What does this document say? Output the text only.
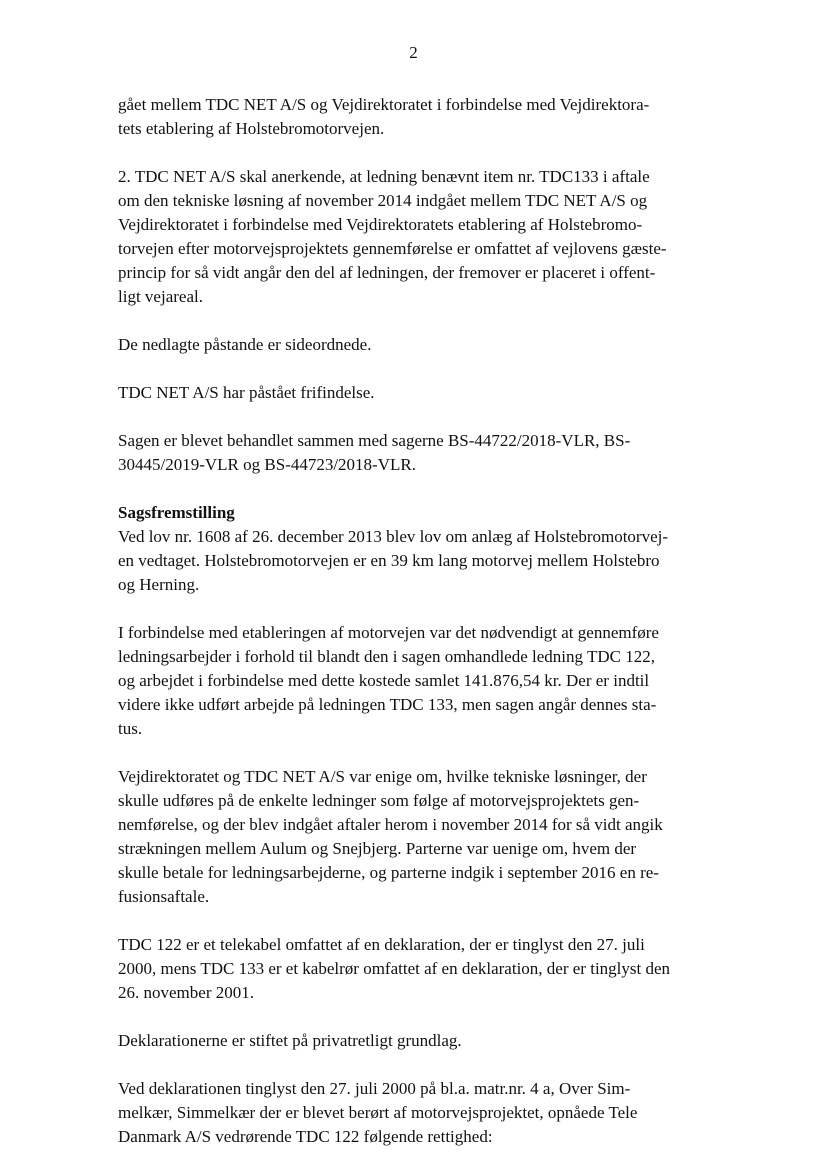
2

gået mellem TDC NET A/S og Vejdirektoratet i forbindelse med Vejdirektora-
tets etablering af Holstebromotorvejen.

2. TDC NET A/S skal anerkende, at ledning benævnt item nr. TDC133 i aftale
om den tekniske løsning af november 2014 indgået mellem TDC NET A/S og
Vejdirektoratet i forbindelse med Vejdirektoratets etablering af Holstebromo-
torvejen efter motorvejsprojektets gennemførelse er omfattet af vejlovens gæste-
princip for så vidt angår den del af ledningen, der fremover er placeret i offent-
ligt vejareal.

De nedlagte påstande er sideordnede.

TDC NET A/S har påstået frifindelse.

Sagen er blevet behandlet sammen med sagerne BS-44722/2018-VLR, BS-
30445/2019-VLR og BS-44723/2018-VLR.

Sagsfremstilling
Ved lov nr. 1608 af 26. december 2013 blev lov om anlæg af Holstebromotorvej-
en vedtaget. Holstebromotorvejen er en 39 km lang motorvej mellem Holstebro
og Herning.

I forbindelse med etableringen af motorvejen var det nødvendigt at gennemføre
ledningsarbejder i forhold til blandt den i sagen omhandlede ledning TDC 122,
og arbejdet i forbindelse med dette kostede samlet 141.876,54 kr. Der er indtil
videre ikke udført arbejde på ledningen TDC 133, men sagen angår dennes sta-
tus.

Vejdirektoratet og TDC NET A/S var enige om, hvilke tekniske løsninger, der
skulle udføres på de enkelte ledninger som følge af motorvejsprojektets gen-
nemførelse, og der blev indgået aftaler herom i november 2014 for så vidt angik
strækningen mellem Aulum og Snejbjerg. Parterne var uenige om, hvem der
skulle betale for ledningsarbejderne, og parterne indgik i september 2016 en re-
fusionsaftale.

TDC 122 er et telekabel omfattet af en deklaration, der er tinglyst den 27. juli
2000, mens TDC 133 er et kabelrør omfattet af en deklaration, der er tinglyst den
26. november 2001.

Deklarationerne er stiftet på privatretligt grundlag.

Ved deklarationen tinglyst den 27. juli 2000 på bl.a. matr.nr. 4 a, Over Sim-
melkær, Simmelkær der er blevet berørt af motorvejsprojektet, opnåede Tele
Danmark A/S vedrørende TDC 122 følgende rettighed:
